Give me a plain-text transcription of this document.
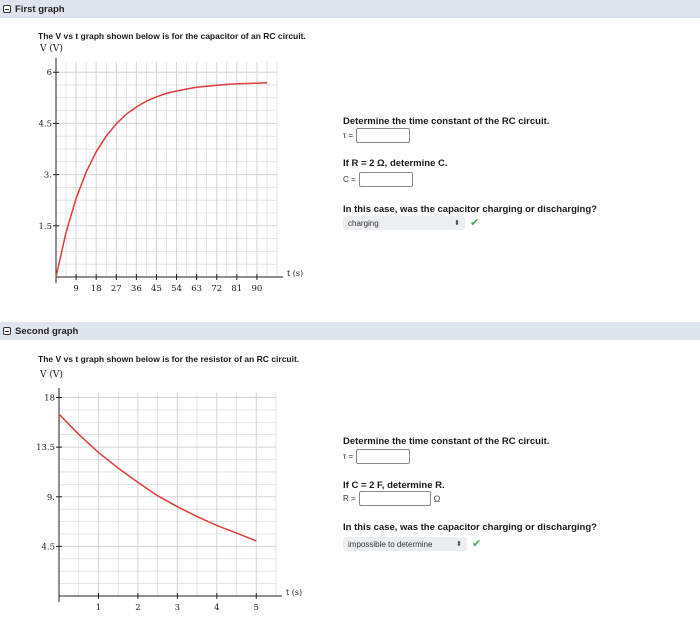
First graph
The V vs t graph shown below is for the capacitor of an RC circuit.
V (V)
1.5
3.
4.5
6
9 18 27 36 45 54 63 72 81 90
t (s)
Determine the time constant of the RC circuit.
τ =
If R = 2 Ω, determine C.
C =
In this case, was the capacitor charging or discharging?
charging	⬍ ✔
Second graph
The V vs t graph shown below is for the resistor of an RC circuit.
V (V)
4.5
9.
13.5
18
1	2	3	4	5
t (s)
Determine the time constant of the RC circuit.
τ =
If C = 2 F, determine R.
R =	Ω
In this case, was the capacitor charging or discharging?
impossible to determine	⬍ ✔
